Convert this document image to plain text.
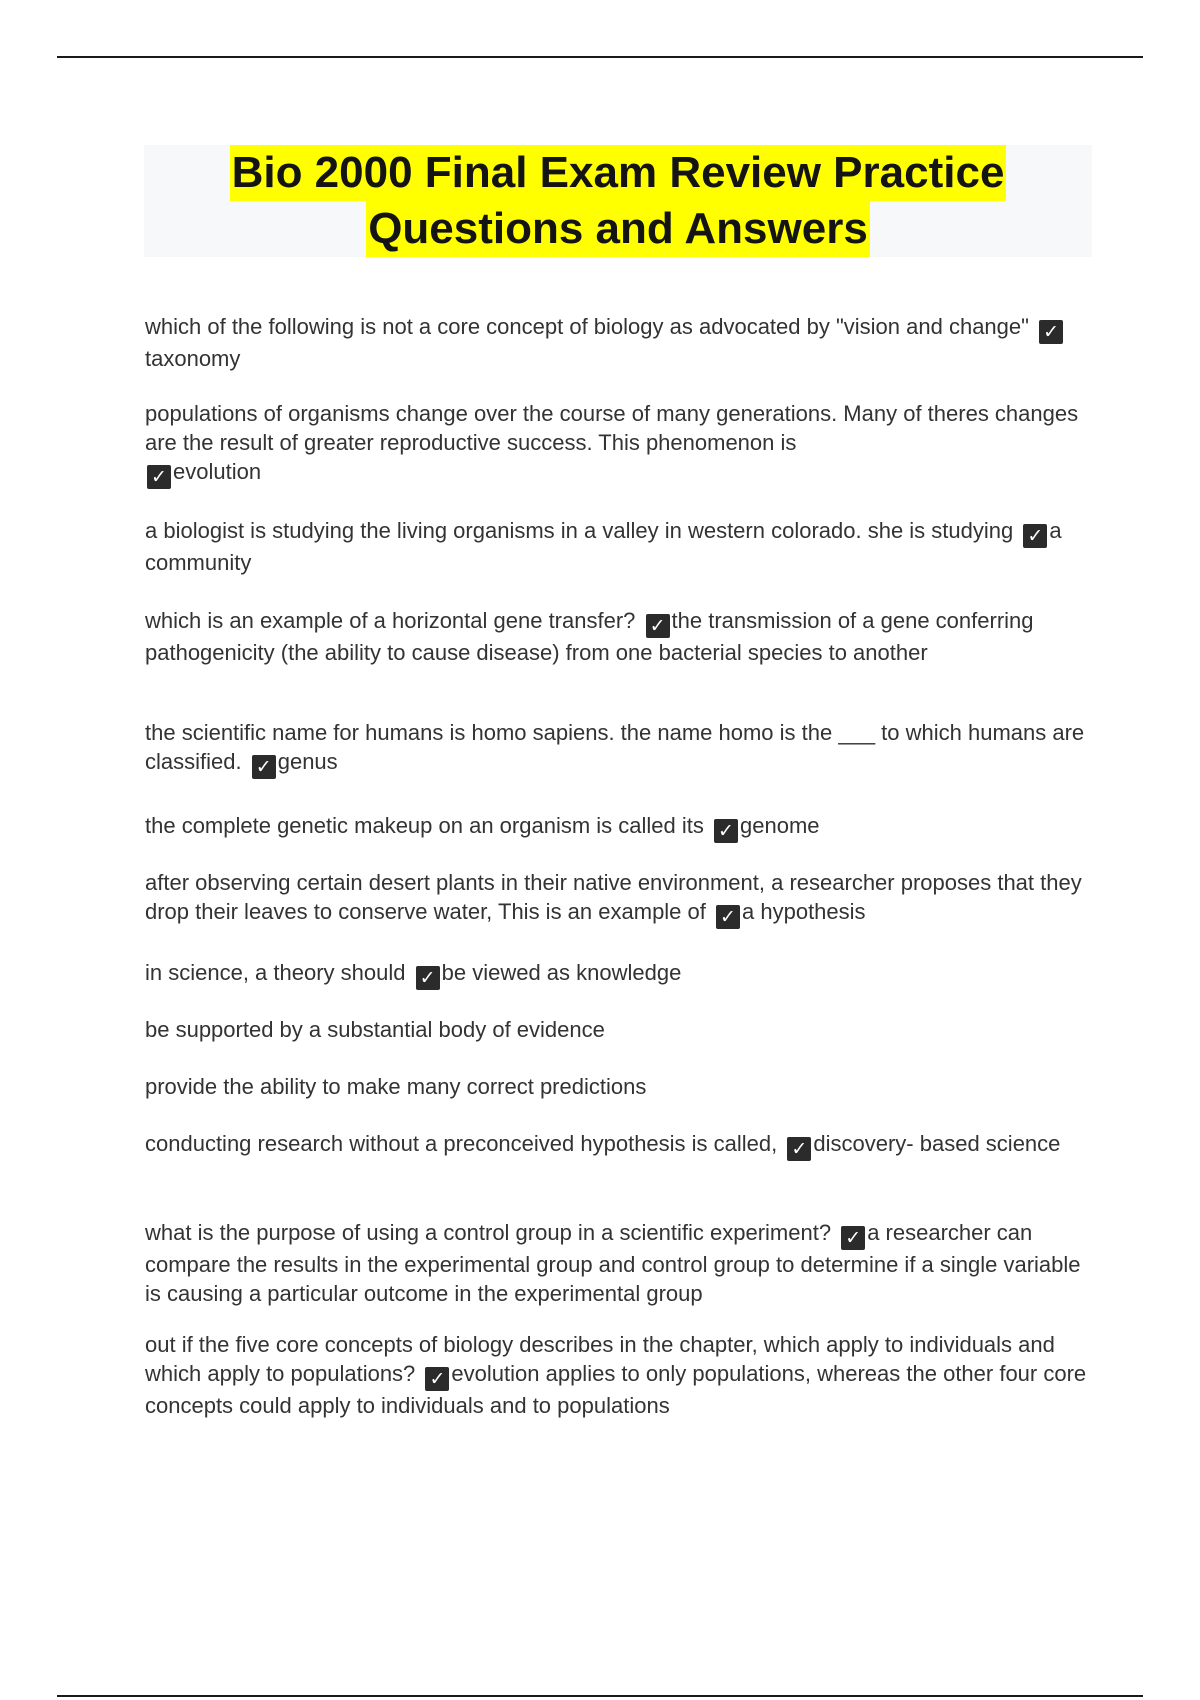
Bio 2000 Final Exam Review Practice
Questions and Answers

which of the following is not a core concept of biology as advocated by "vision and change" ✓taxonomy

populations of organisms change over the course of many generations. Many of theres changes are the result of greater reproductive success. This phenomenon is
✓ evolution

a biologist is studying the living organisms in a valley in western colorado. she is studying ✓ a community

which is an example of a horizontal gene transfer? ✓ the transmission of a gene conferring pathogenicity (the ability to cause disease) from one bacterial species to another

the scientific name for humans is homo sapiens. the name homo is the ___ to which humans are classified. ✓ genus

the complete genetic makeup on an organism is called its ✓ genome

after observing certain desert plants in their native environment, a researcher proposes that they drop their leaves to conserve water, This is an example of ✓ a hypothesis

in science, a theory should ✓ be viewed as knowledge

be supported by a substantial body of evidence

provide the ability to make many correct predictions

conducting research without a preconceived hypothesis is called, ✓ discovery- based science

what is the purpose of using a control group in a scientific experiment? ✓ a researcher can compare the results in the experimental group and control group to determine if a single variable is causing a particular outcome in the experimental group

out if the five core concepts of biology describes in the chapter, which apply to individuals and which apply to populations? ✓ evolution applies to only populations, whereas the other four core concepts could apply to individuals and to populations
